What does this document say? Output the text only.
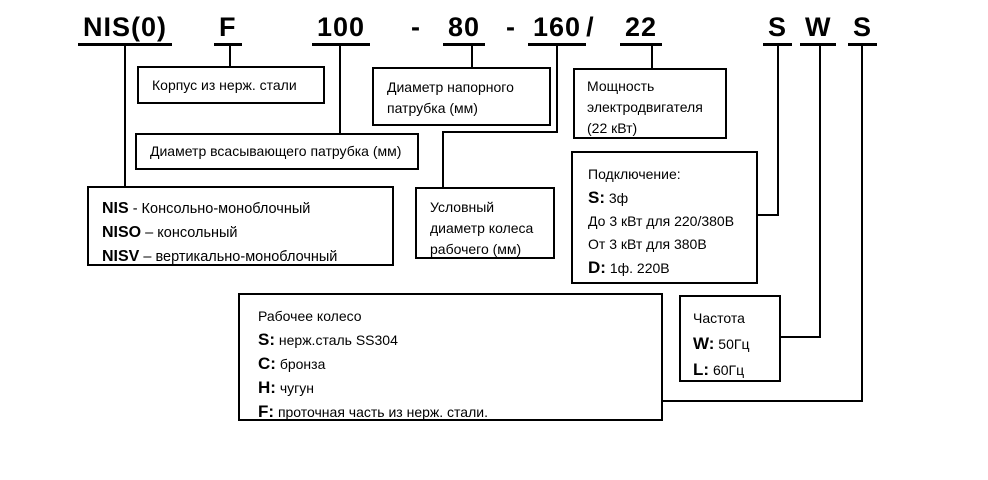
NIS(0) F	100 - 80 - 160 / 22	S W S
Корпус из нерж. стали	Диаметр напорного
патрубка (мм)
Мощность
электродвигателя
(22 кВт)
Диаметр всасывающего патрубка (мм)
NIS - Консольно-моноблочный
NISO – консольный
NISV – вертикально-моноблочный
Условный
диаметр колеса
рабочего (мм)
Подключение:
S: 3ф
До 3 кВт для 220/380В
От 3 кВт для 380В
D: 1ф. 220В
Рабочее колесо
S: нерж.сталь SS304
C: бронза
H: чугун
F: проточная часть из нерж. стали.
Частота
W: 50Гц
L: 60Гц
